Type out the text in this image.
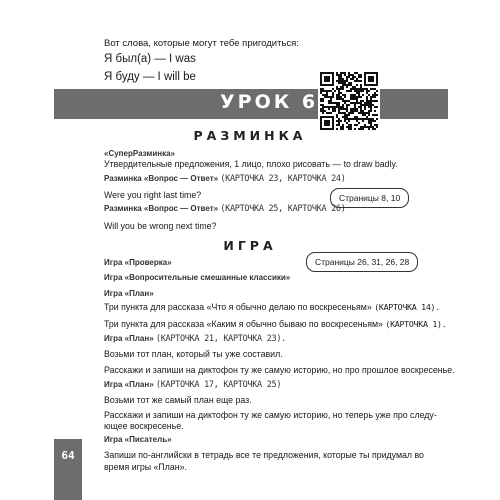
Вот слова, которые могут тебе пригодиться:
Я был(а) — I was
Я буду — I will be
УРОК 6
РАЗМИНКА
«СуперРазминка»
Утвердительные предложения, 1 лицо, плохо рисовать — to draw badly.
Разминка «Вопрос — Ответ» (КАРТОЧКА 23, КАРТОЧКА 24)
Were you right last time?	Страницы 8, 10
Разминка «Вопрос — Ответ» (КАРТОЧКА 25, КАРТОЧКА 26)
Will you be wrong next time?
ИГРА
Страницы 26, 31, 26, 28
Игра «Проверка»
Игра «Вопросительные смешанные классики»
Игра «План»
Три пункта для рассказа «Что я обычно делаю по воскресеньям» (КАРТОЧКА 14).
Три пункта для рассказа «Каким я обычно бываю по воскресеньям» (КАРТОЧКА 1).
Игра «План» (КАРТОЧКА 21, КАРТОЧКА 23).
Возьми тот план, который ты уже составил.
Расскажи и запиши на диктофон ту же самую историю, но про прошлое воскресенье.
Игра «План» (КАРТОЧКА 17, КАРТОЧКА 25)
Возьми тот же самый план еще раз.
Расскажи и запиши на диктофон ту же самую историю, но теперь уже про следу-
ющее воскресенье.
Игра «Писатель»
Запиши по-английски в тетрадь все те предложения, которые ты придумал во
время игры «План».
64
